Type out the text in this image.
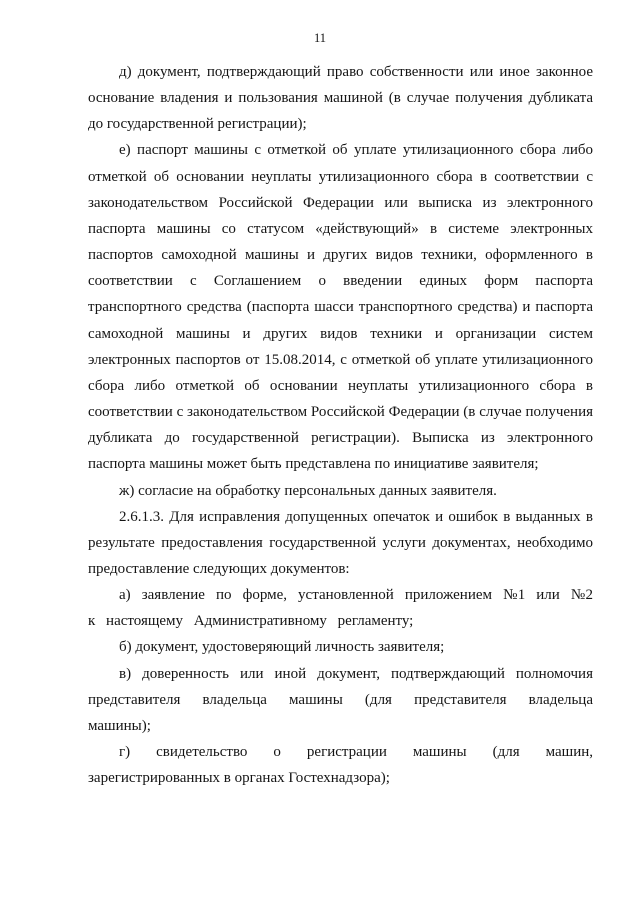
11

д) документ, подтверждающий право собственности или иное законное основание владения и пользования машиной (в случае получения дубликата до государственной регистрации);

е) паспорт машины с отметкой об уплате утилизационного сбора либо отметкой об основании неуплаты утилизационного сбора в соответствии с законодательством Российской Федерации или выписка из электронного паспорта машины со статусом «действующий» в системе электронных паспортов самоходной машины и других видов техники, оформленного в соответствии с Соглашением о введении единых форм паспорта транспортного средства (паспорта шасси транспортного средства) и паспорта самоходной машины и других видов техники и организации систем электронных паспортов от 15.08.2014, с отметкой об уплате утилизационного сбора либо отметкой об основании неуплаты утилизационного сбора в соответствии с законодательством Российской Федерации (в случае получения дубликата до государственной регистрации). Выписка из электронного паспорта машины может быть представлена по инициативе заявителя;

ж) согласие на обработку персональных данных заявителя.

2.6.1.3. Для исправления допущенных опечаток и ошибок в выданных в результате предоставления государственной услуги документах, необходимо предоставление следующих документов:

а) заявление по форме, установленной приложением №1 или №2 к настоящему Административному регламенту;

б) документ, удостоверяющий личность заявителя;

в) доверенность или иной документ, подтверждающий полномочия представителя владельца машины (для представителя владельца машины);

г) свидетельство о регистрации машины (для машин,

зарегистрированных в органах Гостехнадзора);
